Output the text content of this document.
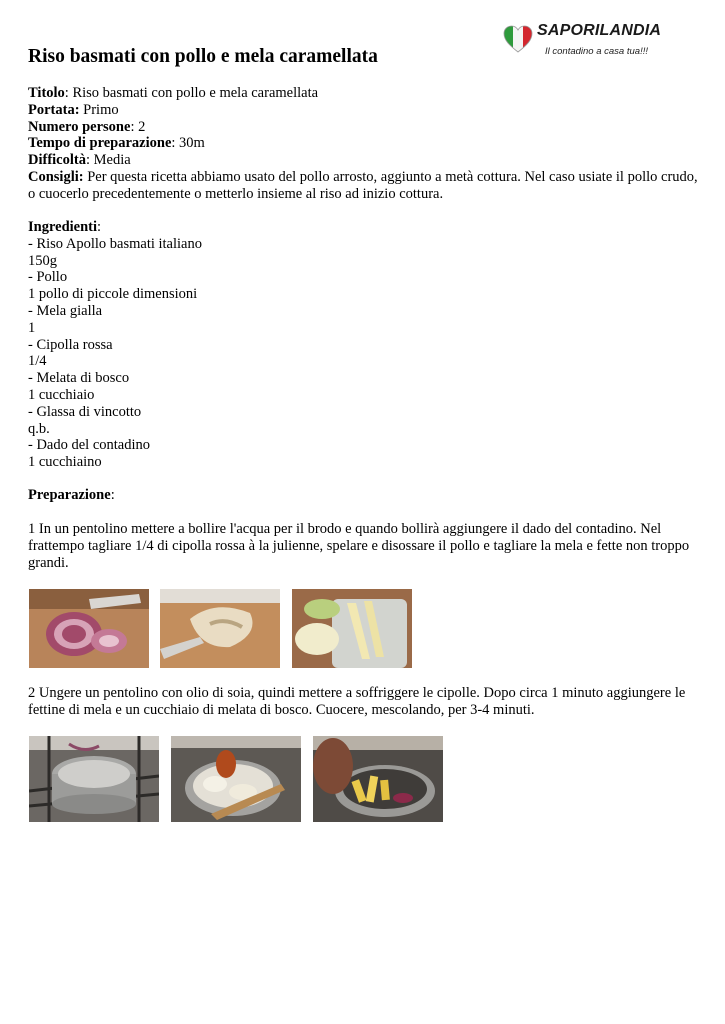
SAPORILANDIA
Il contadino a casa tua!!!
Riso basmati con pollo e mela caramellata
Titolo: Riso basmati con pollo e mela caramellata
Portata: Primo
Numero persone: 2
Tempo di preparazione: 30m
Difficoltà: Media
Consigli: Per questa ricetta abbiamo usato del pollo arrosto, aggiunto a metà cottura. Nel caso usiate il pollo crudo, o cuocerlo precedentemente o metterlo insieme al riso ad inizio cottura.
Ingredienti:
- Riso Apollo basmati italiano
150g
- Pollo
1 pollo di piccole dimensioni
- Mela gialla
1
- Cipolla rossa
1/4
- Melata di bosco
1 cucchiaio
- Glassa di vincotto
q.b.
- Dado del contadino
1 cucchiaino
Preparazione:
1 In un pentolino mettere a bollire l'acqua per il brodo e quando bollirà aggiungere il dado del contadino. Nel frattempo tagliare 1/4 di cipolla rossa à la julienne, spelare e disossare il pollo e tagliare la mela e fette non troppo grandi.
2 Ungere un pentolino con olio di soia, quindi mettere a soffriggere le cipolle. Dopo circa 1 minuto aggiungere le fettine di mela e un cucchiaio di melata di bosco. Cuocere, mescolando, per 3-4 minuti.
